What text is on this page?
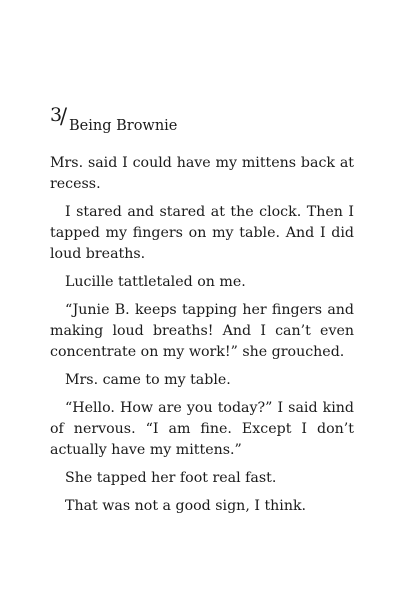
3
/ Being Brownie

Mrs. said I could have my mittens back at recess.

I stared and stared at the clock. Then I tapped my fingers on my table. And I did loud breaths.

Lucille tattletaled on me.

“Junie B. keeps tapping her fingers and making loud breaths! And I can’t even concentrate on my work!” she grouched.

Mrs. came to my table.

“Hello. How are you today?” I said kind of nervous. “I am fine. Except I don’t actually have my mittens.”

She tapped her foot real fast.

That was not a good sign, I think.
